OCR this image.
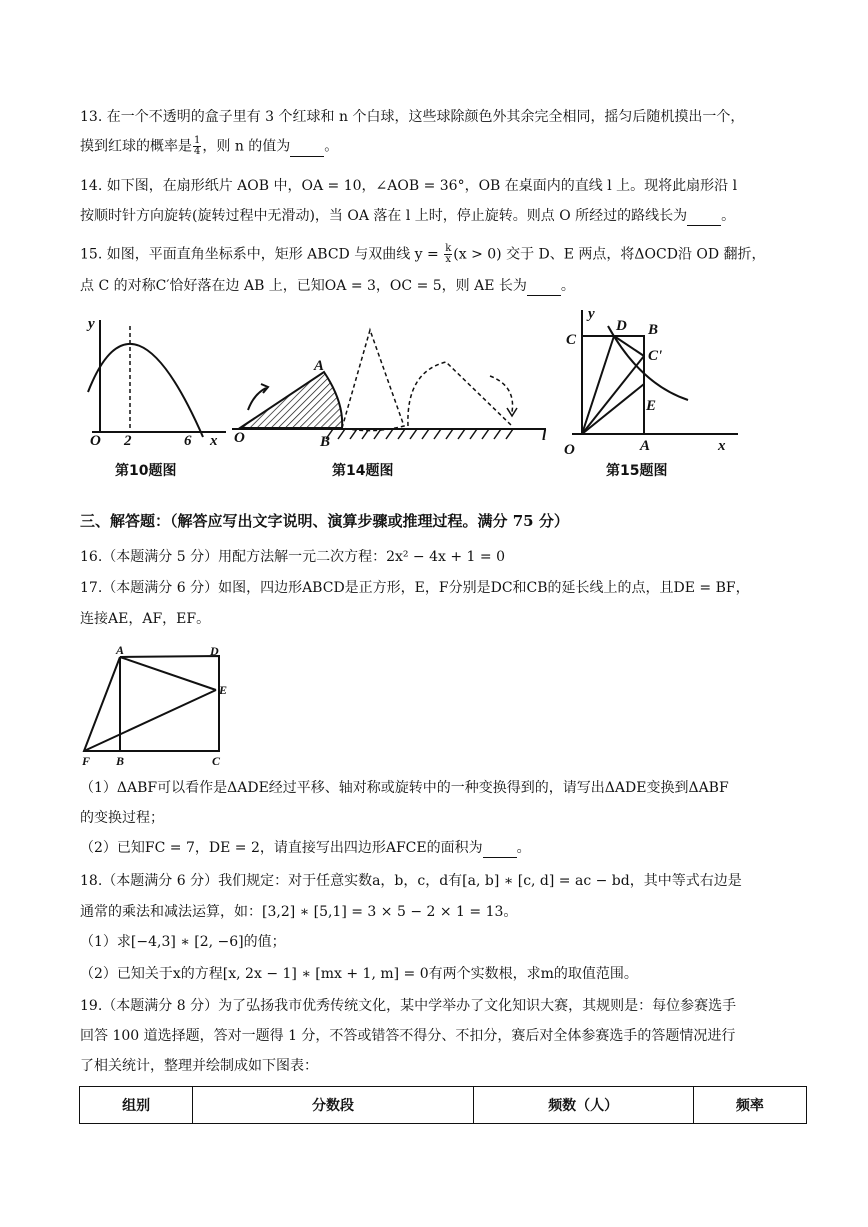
13. 在一个不透明的盒子里有 3 个红球和 n 个白球，这些球除颜色外其余完全相同，摇匀后随机摸出一个，
摸到红球的概率是 $\frac{1}{4}$ ，则 n 的值为 。
14. 如下图，在扇形纸片 AOB 中，OA = 10，∠AOB = 36°，OB 在桌面内的直线 l 上。现将此扇形沿 l
按顺时针方向旋转(旋转过程中无滑动)，当 OA 落在 l 上时，停止旋转。则点 O 所经过的路线长为 。
15. 如图，平面直角坐标系中，矩形 ABCD 与双曲线 $y = \frac{k}{x} (x > 0)$ 交于 D、E 两点，将ΔOCD沿 OD 翻折，
点 C 的对称C′恰好落在边 AB 上，已知OA = 3，OC = 5，则 AE 长为 。
y
O 2	6 x
第10题图
A
O	B	l
第14题图
y
C
D B
C'
E
O	A	x
第15题图
三、解答题：（解答应写出文字说明、演算步骤或推理过程。满分 75 分）
16.（本题满分 5 分）用配方法解一元二次方程：2x² − 4x + 1 = 0
17.（本题满分 6 分）如图，四边形ABCD是正方形，E，F分别是DC和CB的延长线上的点，且DE = BF，
连接AE，AF，EF。
A	D
E
F B	C
（1）ΔABF可以看作是ΔADE经过平移、轴对称或旋转中的一种变换得到的，请写出ΔADE变换到ΔABF
的变换过程；
（2）已知FC = 7，DE = 2，请直接写出四边形AFCE的面积为 。
18.（本题满分 6 分）我们规定：对于任意实数a，b，c，d有[a, b] ∗ [c, d] = ac − bd，其中等式右边是
通常的乘法和减法运算，如：[3,2] ∗ [5,1] = 3 × 5 − 2 × 1 = 13。
（1）求[−4,3] ∗ [2, −6]的值；
（2）已知关于x的方程[x, 2x − 1] ∗ [mx + 1, m] = 0有两个实数根，求m的取值范围。
19.（本题满分 8 分）为了弘扬我市优秀传统文化，某中学举办了文化知识大赛，其规则是：每位参赛选手
回答 100 道选择题，答对一题得 1 分，不答或错答不得分、不扣分，赛后对全体参赛选手的答题情况进行
了相关统计，整理并绘制成如下图表：
组别	分数段	频数（人）	频率
